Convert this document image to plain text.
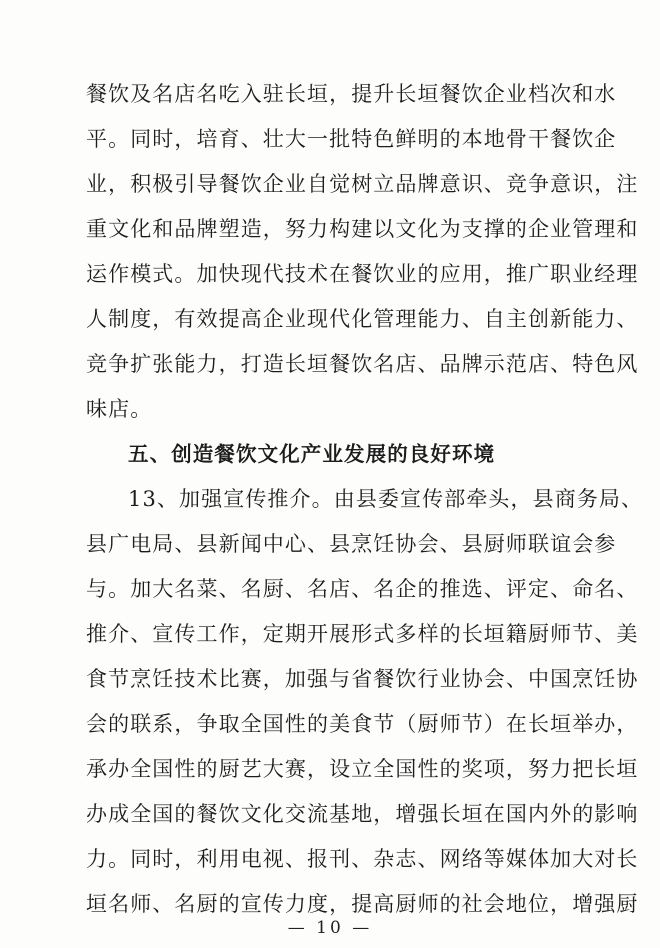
餐饮及名店名吃入驻长垣，提升长垣餐饮企业档次和水
平。同时，培育、壮大一批特色鲜明的本地骨干餐饮企
业，积极引导餐饮企业自觉树立品牌意识、竞争意识，注
重文化和品牌塑造，努力构建以文化为支撑的企业管理和
运作模式。加快现代技术在餐饮业的应用，推广职业经理
人制度，有效提高企业现代化管理能力、自主创新能力、
竞争扩张能力，打造长垣餐饮名店、品牌示范店、特色风
味店。
五、创造餐饮文化产业发展的良好环境
13、加强宣传推介。由县委宣传部牵头，县商务局、
县广电局、县新闻中心、县烹饪协会、县厨师联谊会参
与。加大名菜、名厨、名店、名企的推选、评定、命名、
推介、宣传工作，定期开展形式多样的长垣籍厨师节、美
食节烹饪技术比赛，加强与省餐饮行业协会、中国烹饪协
会的联系，争取全国性的美食节（厨师节）在长垣举办，
承办全国性的厨艺大赛，设立全国性的奖项，努力把长垣
办成全国的餐饮文化交流基地，增强长垣在国内外的影响
力。同时，利用电视、报刊、杂志、网络等媒体加大对长
垣名师、名厨的宣传力度，提高厨师的社会地位，增强厨
— 10 —
